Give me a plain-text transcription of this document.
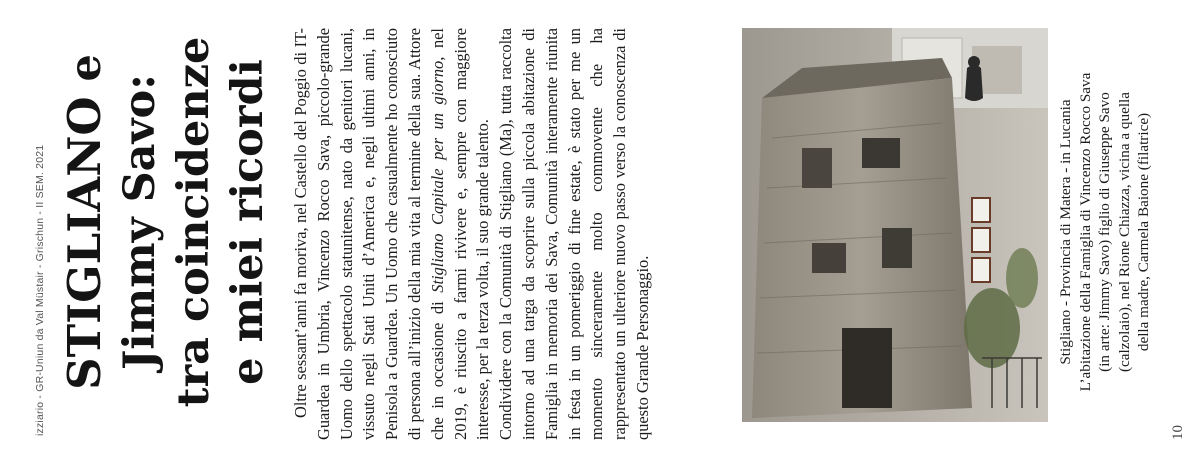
izziario - GR-Uniun da Val Müstair - Grischun - II SEM. 2021 STIGLIANO e
Jimmy Savo: tra coincidenze e miei ricordi Oltre sessant’anni fa moriva, nel Castello del Poggio di IT-Guardea in Umbria, Vincenzo Rocco Sava, piccolo-grande Uomo dello spettacolo statunitense, nato da genitori lucani, vissuto negli Stati Uniti d’America e, negli ultimi anni, in Penisola a Guardea. Un Uomo che casualmente ho conosciuto di persona all’inizio della mia vita al termine della sua. Attore che in occasione di Stigliano Capitale per un giorno, nel 2019, è riuscito a farmi rivivere e, sempre con maggiore interesse, per la terza volta, il suo grande talento. Condividere con la Comunità di Stigliano (Ma), tutta raccolta intorno ad una targa da scoprire sulla piccola abitazione di Famiglia in memoria dei Sava, Comunità interamente riunita in festa in un pomeriggio di fine estate, è stato per me un momento sinceramente molto commovente che ha rappresentato un ulteriore nuovo passo verso la conoscenza di questo Grande Personaggio.	Stigliano - Provincia di Matera - in Lucania L’abitazione della Famiglia di Vincenzo Rocco Sava (in arte: Jimmy Savo) figlio di Giuseppe Savo (calzolaio), nel Rione Chiazza, vicina a quella della madre, Carmela Baione (filatrice)

10
